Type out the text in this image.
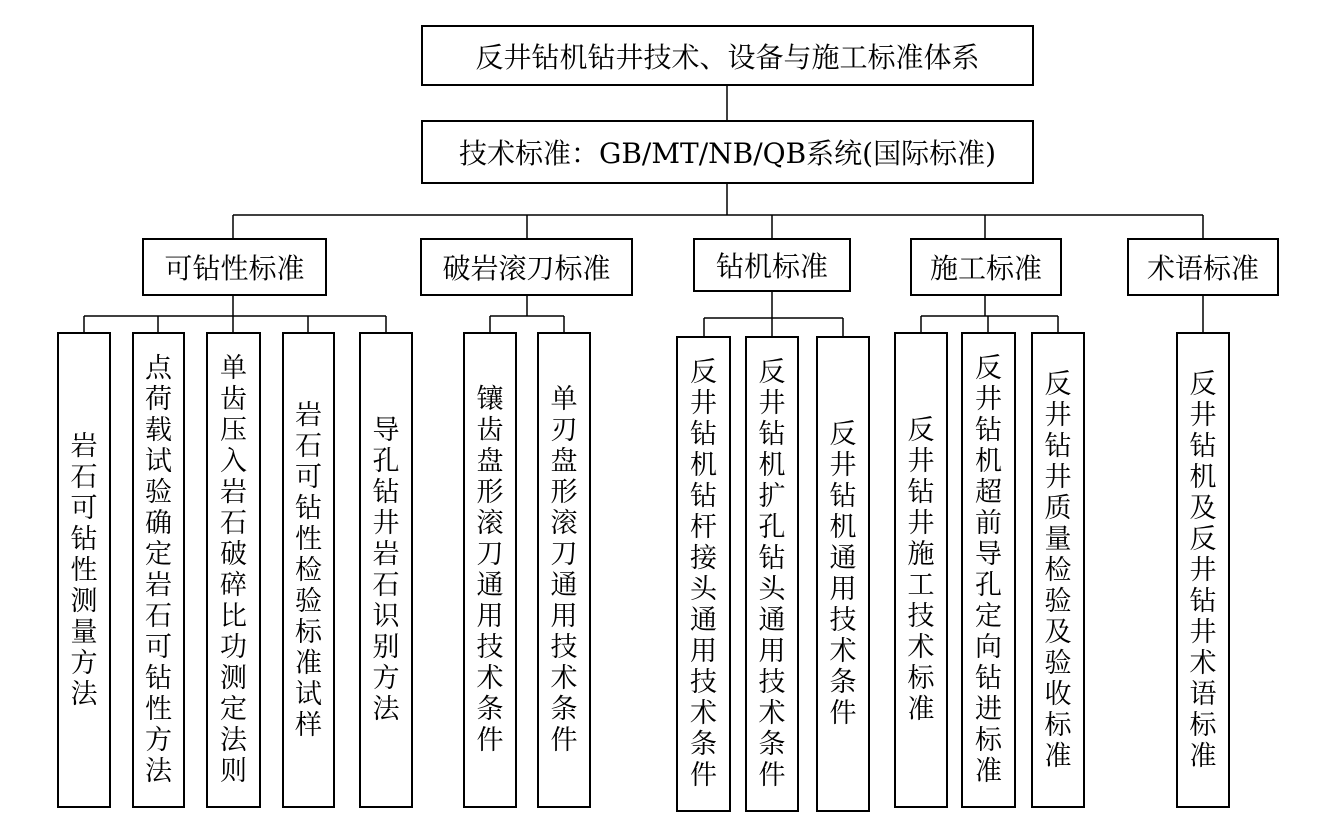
反井钻机钻井技术、设备与施工标准体系
技术标准：GB/MT/NB/QB系统(国际标准)
可钻性标准	破岩滚刀标准	钻机标准	施工标准	术语标准
岩
石
可
钻
性
测
量
方
法
点
荷
载
试
验
确
定
岩
石
可
钻
性
方
法
单
齿
压
入
岩
石
破
碎
比
功
测
定
法
则
岩
石
可
钻
性
检
验
标
准
试
样
导
孔
钻
井
岩
石
识
别
方
法
镶
齿
盘
形
滚
刀
通
用
技
术
条
件
单
刃
盘
形
滚
刀
通
用
技
术
条
件
反
井
钻
机
钻
杆
接
头
通
用
技
术
条
件
反
井
钻
机
扩
孔
钻
头
通
用
技
术
条
件
反
井
钻
机
通
用
技
术
条
件
反
井
钻
井
施
工
技
术
标
准
反
井
钻
机
超
前
导
孔
定
向
钻
进
标
准
反
井
钻
井
质
量
检
验
及
验
收
标
准
反
井
钻
机
及
反
井
钻
井
术
语
标
准
